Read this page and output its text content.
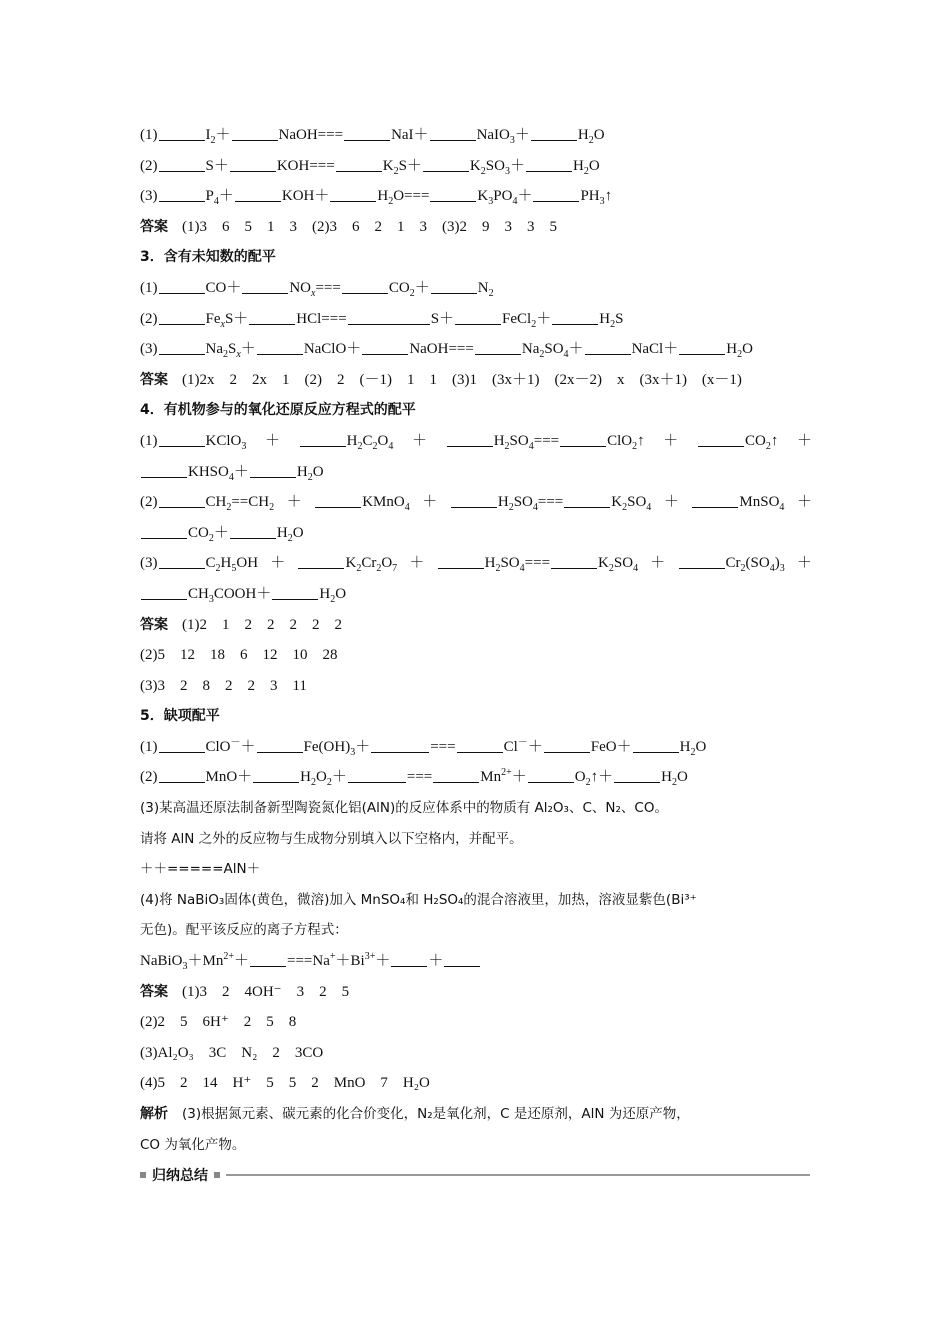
(1)	$I_2+$	NaOH===	NaI＋	NaIO$_3$＋	$H_2O$
(2)	S＋	KOH===	$K_2S+$	$K_2SO_3+$	$H_2O$
(3)	$P_4+$	KOH＋	$H_2O===$	$K_3PO_4+$	$PH_3↑$
答案 (1)3　6　5　1　3　(2)3　6　2　1　3　(3)2　9　3　3　5
3．含有未知数的配平
(1)	CO＋	$NO_x===$	$CO_2+$	$N_2$
(2)	$Fe_xS+$	HCl===	S＋	FeCl$_2$＋	$H_2S$
(3)	$Na_2S_x+$	NaClO＋	NaOH===	$Na_2SO_4+$	NaCl＋	$H_2O$
答案 (1)2x　2　2x　1　(2)　2　(－1)　1　1　(3)1　(3x＋1)　(2x－2)　x　(3x＋1)　(x－1)
4．有机物参与的氧化还原反应方程式的配平
(1)	KClO$_3$ ＋	$H_2C_2O_4$ ＋	$H_2SO_4===$	ClO$_2$↑ ＋	$CO_2↑$ ＋
$KHSO_4+$	$H_2O$
(2)	$CH_2==CH_2$ ＋	KMnO$_4$ ＋	$H_2SO_4===$	$K_2SO_4$ ＋	MnSO$_4$ ＋
$CO_2+$	$H_2O$
(3)	$C_2H_5OH$ ＋	$K_2Cr_2O_7$ ＋	$H_2SO_4===$	$K_2SO_4$ ＋	$Cr_2(SO_4)_3$ ＋
$CH_3COOH+$	$H_2O$
答案 (1)2　1　2　2　2　2　2
(2)5　12　18　6　12　10　28
(3)3　2　8　2　2　3　11
5．缺项配平
(1)	ClO－＋	$Fe(OH)_3+$	===	Cl－＋	FeO＋	$H_2O$
(2)	MnO＋	$H_2O_2+$	===	$Mn^{2+}+$	$O_2↑+$	$H_2O$
(3)某高温还原法制备新型陶瓷氮化铝(AlN)的反应体系中的物质有 Al₂O₃、C、N₂、CO。
请将 AlN 之外的反应物与生成物分别填入以下空格内，并配平。
＋＋=====AlN＋
(4)将 NaBiO₃固体(黄色，微溶)加入 MnSO₄和 H₂SO₄的混合溶液里，加热，溶液显紫色(Bi³⁺
无色)。配平该反应的离子方程式：
$NaBiO_3+Mn^{2+}+$	$===Na^++Bi^{3+}+$	＋
答案 (1)3　2　4OH⁻　3　2　5
(2)2　5　6H⁺　2　5　8
(3)Al₂O₃　3C　N₂　2　3CO
(4)5　2　14　H⁺　5　5　2　MnO　7　H₂O
解析 (3)根据氮元素、碳元素的化合价变化，N₂是氧化剂，C 是还原剂，AlN 为还原产物，
CO 为氧化产物。
归纳总结
